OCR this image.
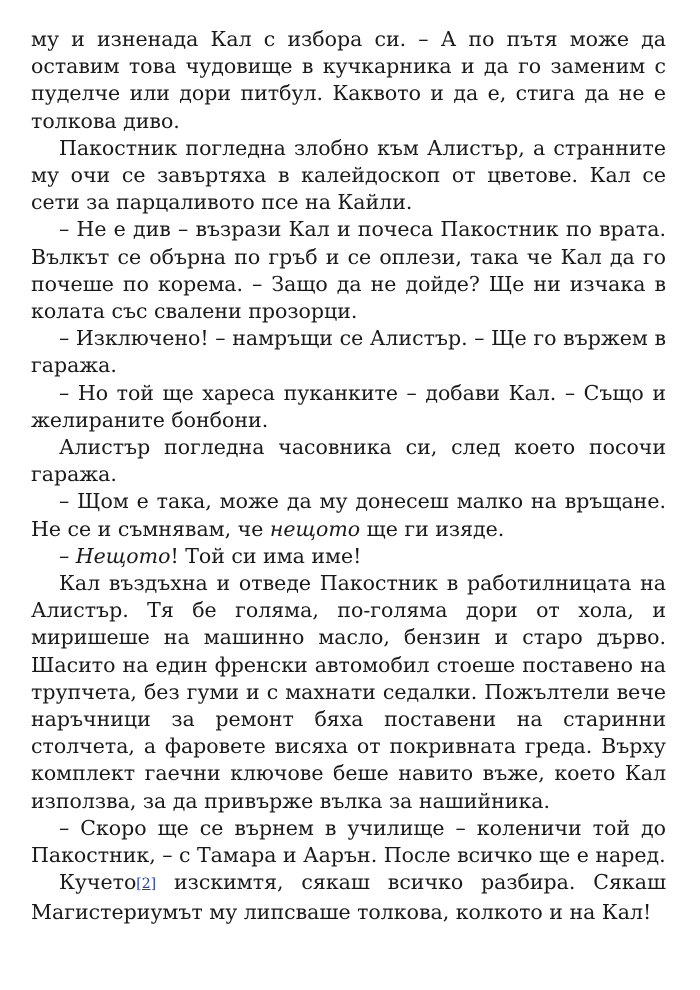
му и изненада Кал с избора си. – А по пътя може да оставим това чудовище в кучкарника и да го заменим с пуделче или дори питбул. Каквото и да е, стига да не е толкова диво.

Пакостник погледна злобно към Алистър, а странните му очи се завъртяха в калейдоскоп от цветове. Кал се сети за парцаливото псе на Кайли.

– Не е див – възрази Кал и почеса Пакостник по врата. Вълкът се обърна по гръб и се оплези, така че Кал да го почеше по корема. – Защо да не дойде? Ще ни изчака в колата със свалени прозорци.

– Изключено! – намръщи се Алистър. – Ще го вържем в гаража.

– Но той ще хареса пуканките – добави Кал. – Също и желираните бонбони.

Алистър погледна часовника си, след което посочи гаража.

– Щом е така, може да му донесеш малко на връщане. Не се и съмнявам, че нещото ще ги изяде.

– Нещото! Той си има име!

Кал въздъхна и отведе Пакостник в работилницата на Алистър. Тя бе голяма, по-голяма дори от хола, и миришеше на машинно масло, бензин и старо дърво. Шасито на един френски автомобил стоеше поставено на трупчета, без гуми и с махнати седалки. Пожълтели вече наръчници за ремонт бяха поставени на старинни столчета, а фаровете висяха от покривната греда. Върху комплект гаечни ключове беше навито въже, което Кал използва, за да привърже вълка за нашийника.

– Скоро ще се върнем в училище – коленичи той до Пакостник, – с Тамара и Аарън. После всичко ще е наред.

Кучето[2] изскимтя, сякаш всичко разбира. Сякаш Магистериумът му липсваше толкова, колкото и на Кал!
